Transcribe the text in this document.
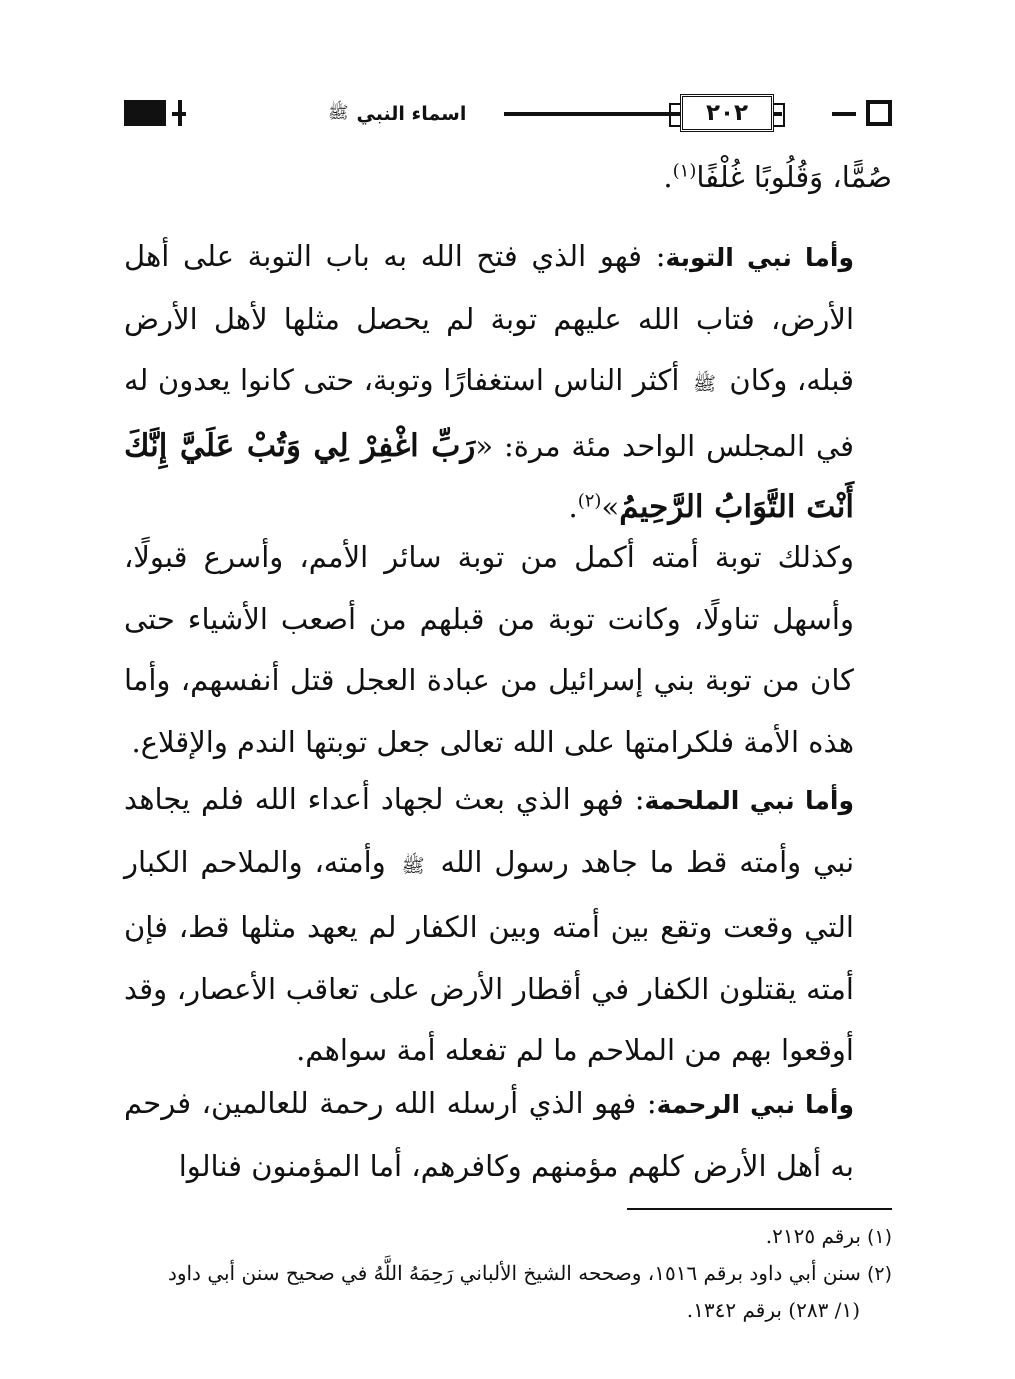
اسماء النبي
ﷺ	٢٠٢

صُمًّا، وَقُلُوبًا غُلْفًا$^{(١)}$.

وأما نبي التوبة: فهو الذي فتح الله به باب التوبة على أهل الأرض، فتاب الله عليهم توبة لم يحصل مثلها لأهل الأرض قبله، وكان ﷺ أكثر الناس استغفارًا وتوبة، حتى كانوا يعدون له في المجلس الواحد مئة مرة: «رَبِّ اغْفِرْ لِي وَتُبْ عَلَيَّ إِنَّكَ أَنْتَ التَّوَابُ الرَّحِيمُ»$^{(٢)}$.

وكذلك توبة أمته أكمل من توبة سائر الأمم، وأسرع قبولًا، وأسهل تناولًا، وكانت توبة من قبلهم من أصعب الأشياء حتى كان من توبة بني إسرائيل من عبادة العجل قتل أنفسهم، وأما هذه الأمة فلكرامتها على الله تعالى جعل توبتها الندم والإقلاع.

وأما نبي الملحمة: فهو الذي بعث لجهاد أعداء الله فلم يجاهد نبي وأمته قط ما جاهد رسول الله ﷺ وأمته، والملاحم الكبار التي وقعت وتقع بين أمته وبين الكفار لم يعهد مثلها قط، فإن أمته يقتلون الكفار في أقطار الأرض على تعاقب الأعصار، وقد أوقعوا بهم من الملاحم ما لم تفعله أمة سواهم.

وأما نبي الرحمة: فهو الذي أرسله الله رحمة للعالمين، فرحم به أهل الأرض كلهم مؤمنهم وكافرهم، أما المؤمنون فنالوا

(١)برقم ٢١٢٥.
(٢)سنن أبي داود برقم ١٥١٦، وصححه الشيخ الألباني رَحِمَهُ اللَّهُ في صحيح سنن أبي داود
(١/ ٢٨٣) برقم ١٣٤٢.
